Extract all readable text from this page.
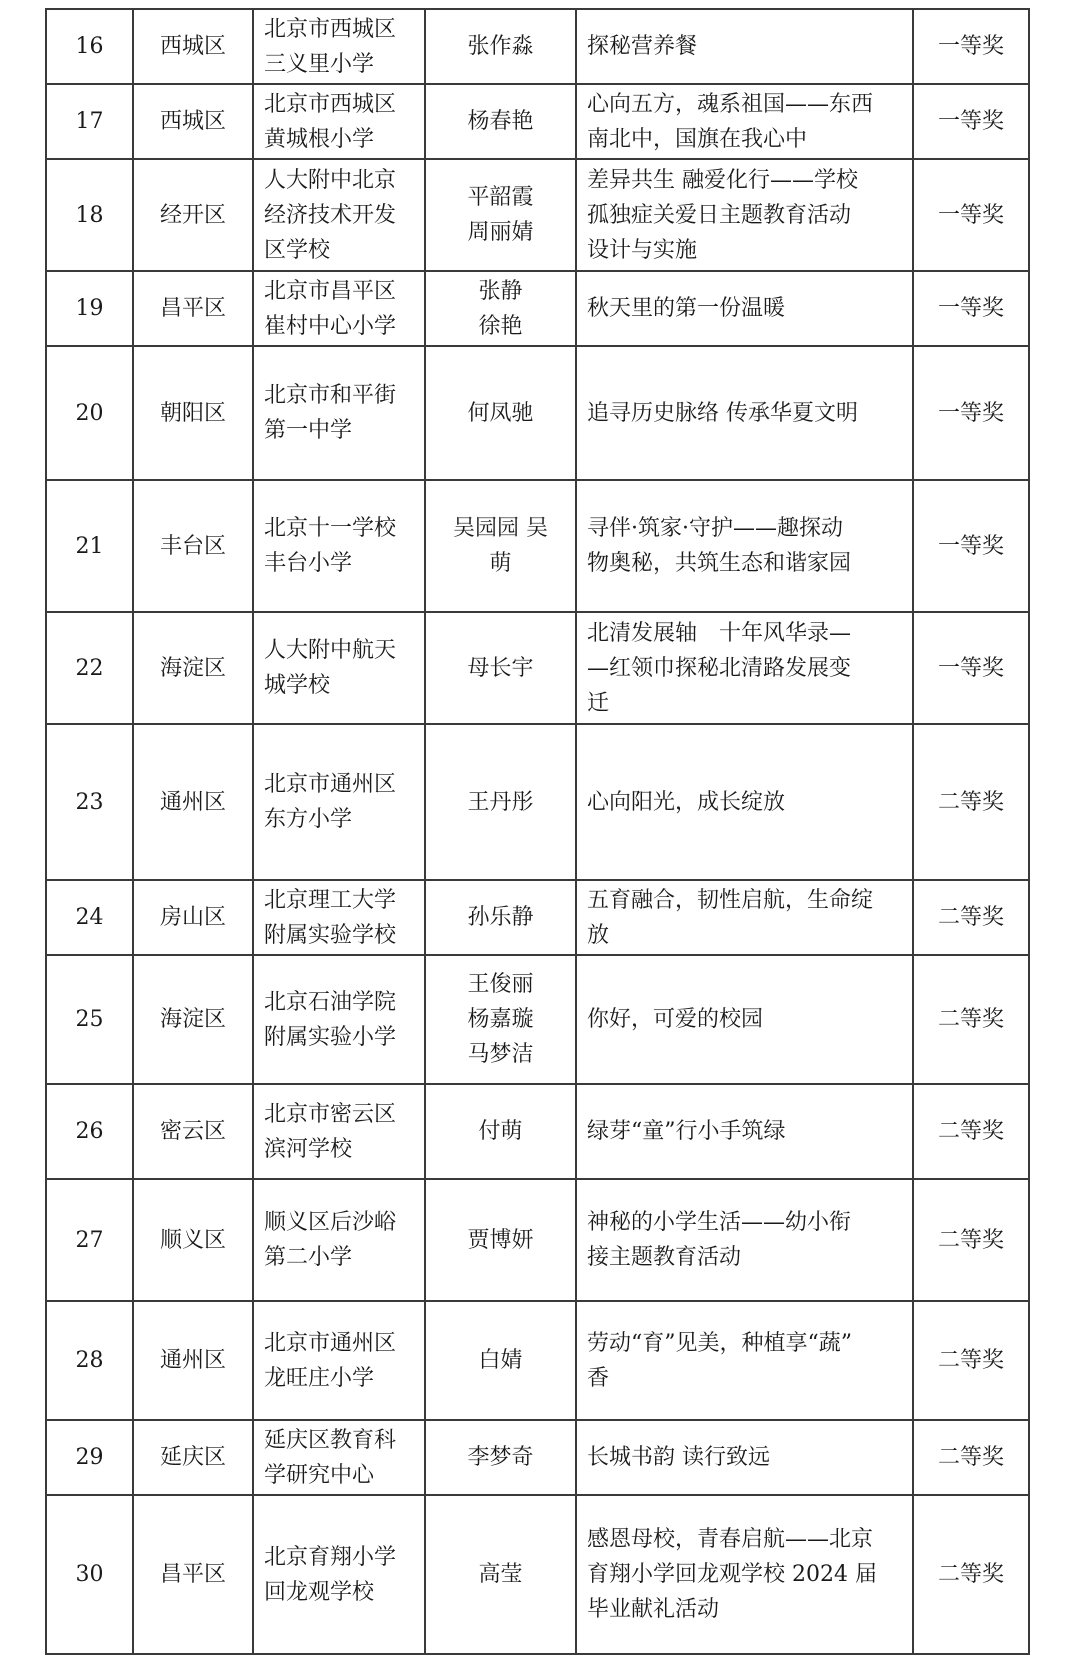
16	西城区	北京市西城区
三义里小学	张作淼	探秘营养餐	一等奖
17	西城区	北京市西城区
黄城根小学	杨春艳	心向五方，魂系祖国——东西
南北中，国旗在我心中	一等奖
18	经开区	人大附中北京
经济技术开发
区学校	平韶霞
周丽婧	差异共生 融爱化行——学校
孤独症关爱日主题教育活动
设计与实施	一等奖
19	昌平区	北京市昌平区
崔村中心小学	张静
徐艳	秋天里的第一份温暖	一等奖
20	朝阳区	北京市和平街
第一中学	何凤驰	追寻历史脉络 传承华夏文明	一等奖
21	丰台区	北京十一学校
丰台小学	吴园园 吴
萌	寻伴·筑家·守护——趣探动
物奥秘，共筑生态和谐家园	一等奖
22	海淀区	人大附中航天
城学校	母长宇	北清发展轴　十年风华录—
—红领巾探秘北清路发展变
迁	一等奖
23	通州区	北京市通州区
东方小学	王丹彤	心向阳光，成长绽放	二等奖
24	房山区	北京理工大学
附属实验学校	孙乐静	五育融合，韧性启航，生命绽
放	二等奖
25	海淀区	北京石油学院
附属实验小学	王俊丽
杨嘉璇
马梦洁	你好，可爱的校园	二等奖
26	密云区	北京市密云区
滨河学校	付萌	绿芽“童”行小手筑绿	二等奖
27	顺义区	顺义区后沙峪
第二小学	贾博妍	神秘的小学生活——幼小衔
接主题教育活动	二等奖
28	通州区	北京市通州区
龙旺庄小学	白婧	劳动“育”见美，种植享“蔬”
香	二等奖
29	延庆区	延庆区教育科
学研究中心	李梦奇	长城书韵 读行致远	二等奖
30	昌平区	北京育翔小学
回龙观学校	高莹	感恩母校，青春启航——北京
育翔小学回龙观学校 2024 届
毕业献礼活动	二等奖
